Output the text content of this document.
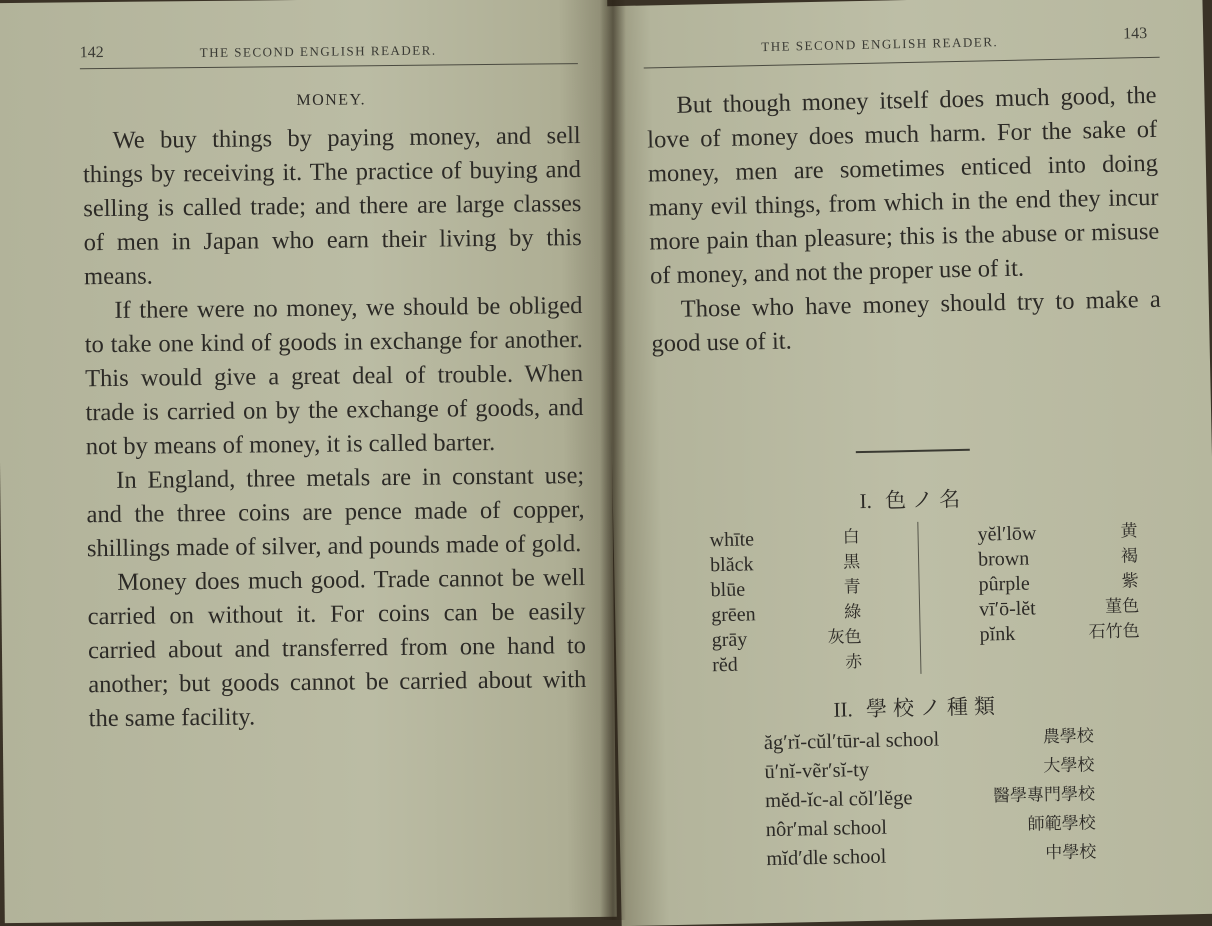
142	THE SECOND ENGLISH READER.
MONEY.

We buy things by paying money, and sell things by receiving it. The practice of buying and selling is called trade; and there are large classes of men in Japan who earn their living by this means.

If there were no money, we should be obliged to take one kind of goods in exchange for another. This would give a great deal of trouble. When trade is carried on by the exchange of goods, and not by means of money, it is called barter.

In England, three metals are in constant use; and the three coins are pence made of copper, shillings made of silver, and pounds made of gold.

Money does much good. Trade cannot be well carried on without it. For coins can be easily carried about and transferred from one hand to another; but goods cannot be carried about with the same facility.

THE SECOND ENGLISH READER.
143

But though money itself does much good, the love of money does much harm. For the sake of money, men are sometimes enticed into doing many evil things, from which in the end they incur more pain than pleasure; this is the abuse or misuse of money, and not the proper use of it.

Those who have money should try to make a good use of it.

I. 色ノ名
whīte	白
blăck	黒
blūe	青
grēen	綠
grāy	灰色
rĕd	赤
yĕl′lōw	黄
brown	褐
pûrple	紫
vī′ō-lĕt	菫色
pĭnk	石竹色
II. 學校ノ種類
ăg′rĭ-cŭl′tūr-al school	農學校
ū′nĭ-vẽr′sĭ-ty	大學校
mĕd-ĭc-al cŏl′lĕge	醫學專門學校
nôr′mal school	師範學校
mĭd′dle school	中學校
